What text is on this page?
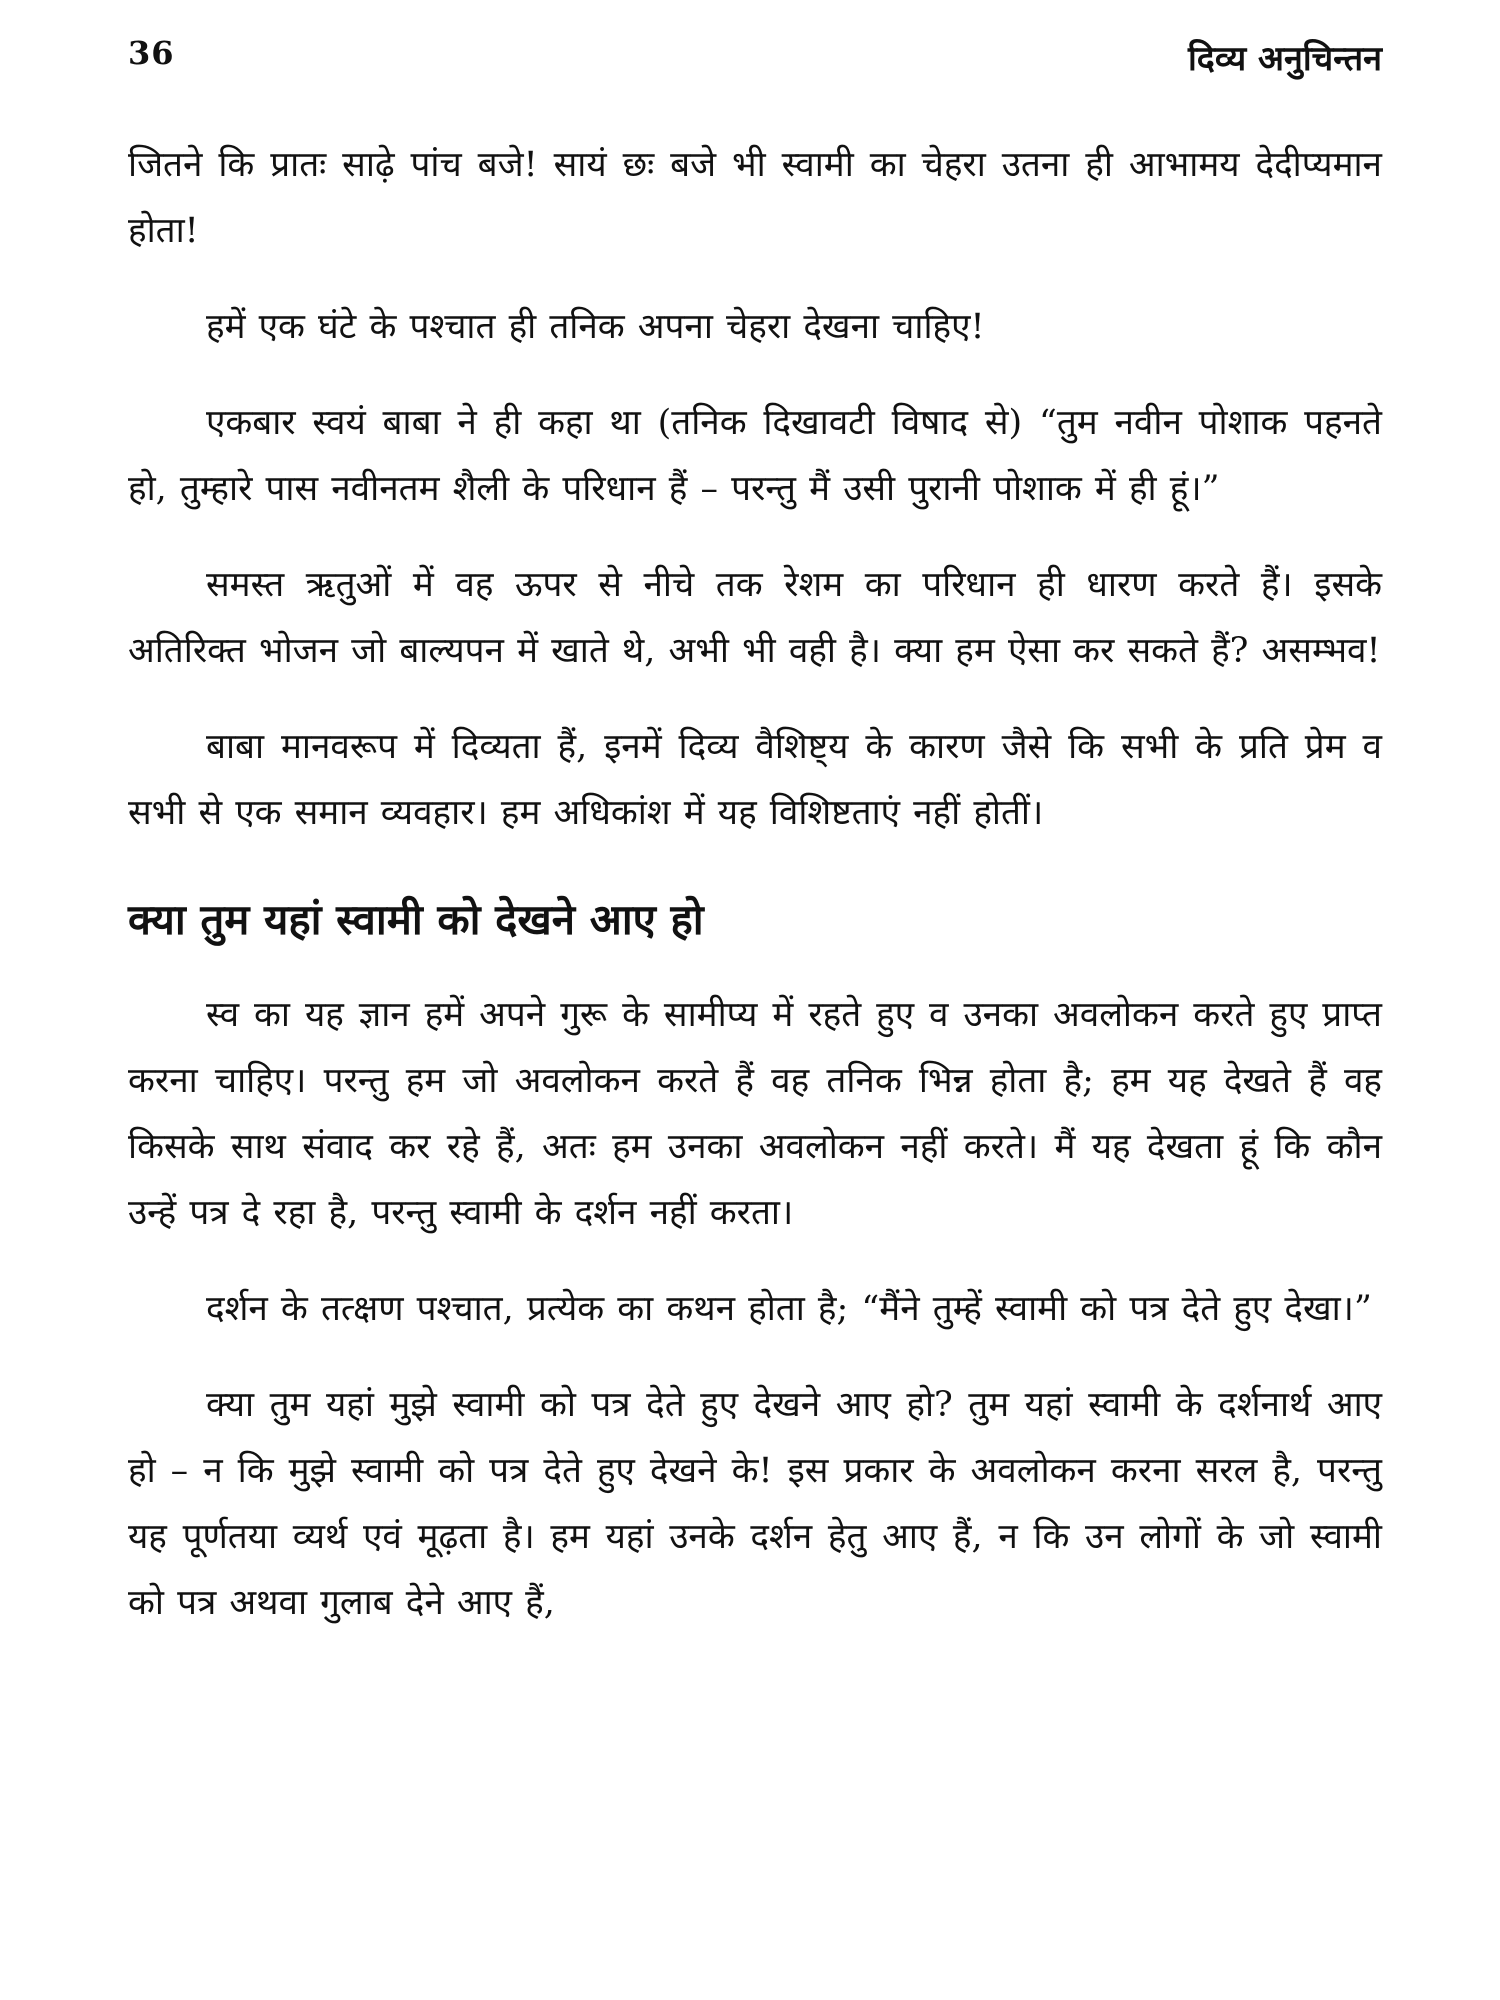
36	दिव्य अनुचिन्तन

जितने कि प्रातः साढ़े पांच बजे! सायं छः बजे भी स्वामी का चेहरा उतना ही आभामय देदीप्यमान होता!

हमें एक घंटे के पश्चात ही तनिक अपना चेहरा देखना चाहिए!

एकबार स्वयं बाबा ने ही कहा था (तनिक दिखावटी विषाद से) “तुम नवीन पोशाक पहनते हो, तुम्हारे पास नवीनतम शैली के परिधान हैं – परन्तु मैं उसी पुरानी पोशाक में ही हूं।”

समस्त ऋतुओं में वह ऊपर से नीचे तक रेशम का परिधान ही धारण करते हैं। इसके अतिरिक्त भोजन जो बाल्यपन में खाते थे, अभी भी वही है। क्या हम ऐसा कर सकते हैं? असम्भव!

बाबा मानवरूप में दिव्यता हैं, इनमें दिव्य वैशिष्ट्य के कारण जैसे कि सभी के प्रति प्रेम व सभी से एक समान व्यवहार। हम अधिकांश में यह विशिष्टताएं नहीं होतीं।

क्या तुम यहां स्वामी को देखने आए हो

स्व का यह ज्ञान हमें अपने गुरू के सामीप्य में रहते हुए व उनका अवलोकन करते हुए प्राप्त करना चाहिए। परन्तु हम जो अवलोकन करते हैं वह तनिक भिन्न होता है; हम यह देखते हैं वह किसके साथ संवाद कर रहे हैं, अतः हम उनका अवलोकन नहीं करते। मैं यह देखता हूं कि कौन उन्हें पत्र दे रहा है, परन्तु स्वामी के दर्शन नहीं करता।

दर्शन के तत्क्षण पश्चात, प्रत्येक का कथन होता है; “मैंने तुम्हें स्वामी को पत्र देते हुए देखा।”

क्या तुम यहां मुझे स्वामी को पत्र देते हुए देखने आए हो? तुम यहां स्वामी के दर्शनार्थ आए हो – न कि मुझे स्वामी को पत्र देते हुए देखने के! इस प्रकार के अवलोकन करना सरल है, परन्तु यह पूर्णतया व्यर्थ एवं मूढ़ता है। हम यहां उनके दर्शन हेतु आए हैं, न कि उन लोगों के जो स्वामी को पत्र अथवा गुलाब देने आए हैं,
